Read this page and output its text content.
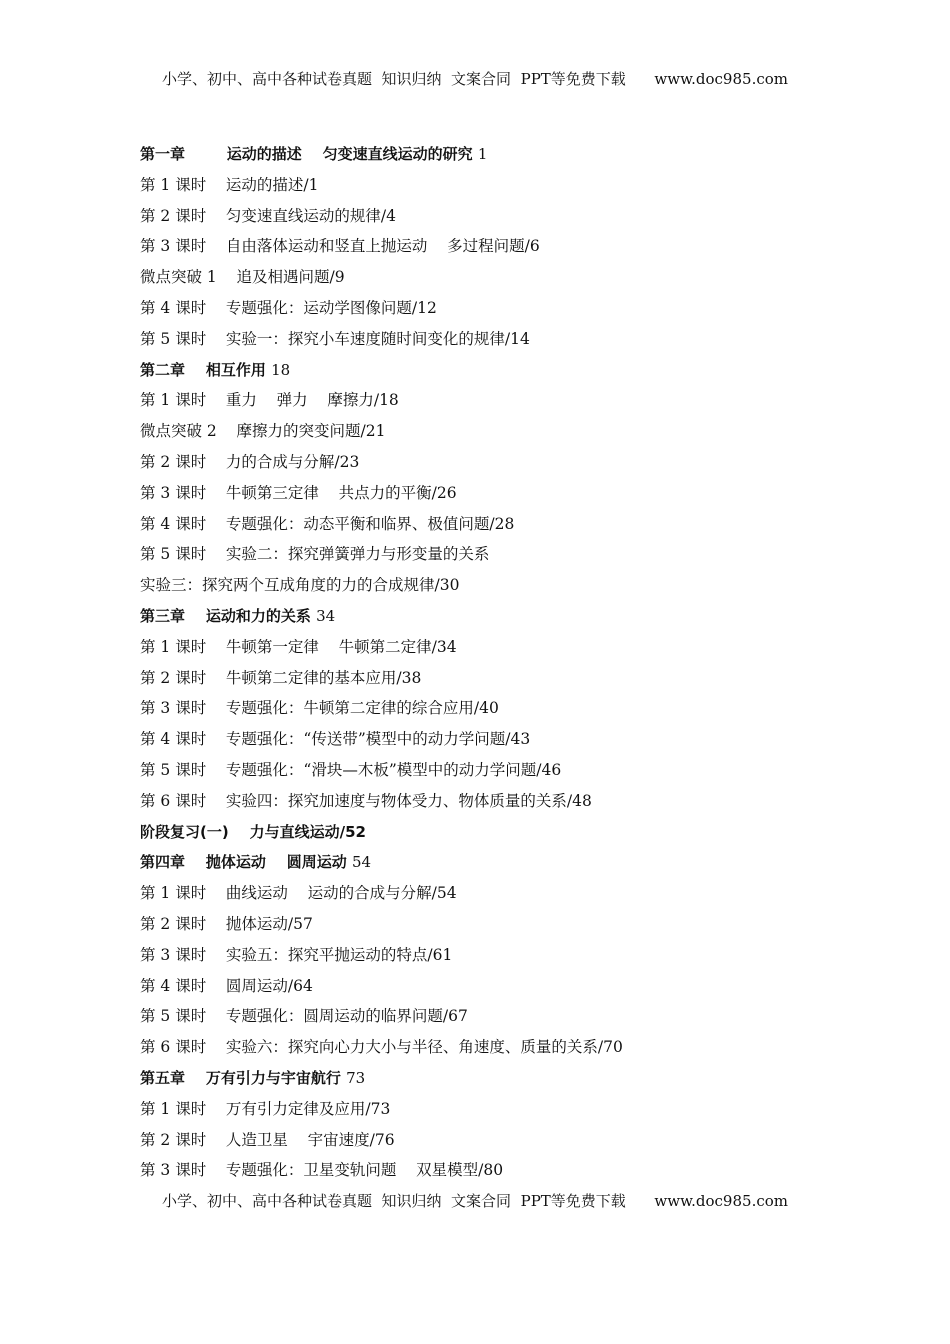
小学、初中、高中各种试卷真题  知识归纳  文案合同  PPT等免费下载      www.doc985.com
第一章        运动的描述    匀变速直线运动的研究 1
第 1 课时    运动的描述/1
第 2 课时    匀变速直线运动的规律/4
第 3 课时    自由落体运动和竖直上抛运动    多过程问题/6
微点突破 1    追及相遇问题/9
第 4 课时    专题强化：运动学图像问题/12
第 5 课时    实验一：探究小车速度随时间变化的规律/14
第二章    相互作用 18
第 1 课时    重力    弹力    摩擦力/18
微点突破 2    摩擦力的突变问题/21
第 2 课时    力的合成与分解/23
第 3 课时    牛顿第三定律    共点力的平衡/26
第 4 课时    专题强化：动态平衡和临界、极值问题/28
第 5 课时    实验二：探究弹簧弹力与形变量的关系
实验三：探究两个互成角度的力的合成规律/30
第三章    运动和力的关系 34
第 1 课时    牛顿第一定律    牛顿第二定律/34
第 2 课时    牛顿第二定律的基本应用/38
第 3 课时    专题强化：牛顿第二定律的综合应用/40
第 4 课时    专题强化：“传送带”模型中的动力学问题/43
第 5 课时    专题强化：“滑块—木板”模型中的动力学问题/46
第 6 课时    实验四：探究加速度与物体受力、物体质量的关系/48
阶段复习(一)    力与直线运动/52
第四章    抛体运动    圆周运动 54
第 1 课时    曲线运动    运动的合成与分解/54
第 2 课时    抛体运动/57
第 3 课时    实验五：探究平抛运动的特点/61
第 4 课时    圆周运动/64
第 5 课时    专题强化：圆周运动的临界问题/67
第 6 课时    实验六：探究向心力大小与半径、角速度、质量的关系/70
第五章    万有引力与宇宙航行 73
第 1 课时    万有引力定律及应用/73
第 2 课时    人造卫星    宇宙速度/76
第 3 课时    专题强化：卫星变轨问题    双星模型/80
小学、初中、高中各种试卷真题  知识归纳  文案合同  PPT等免费下载      www.doc985.com
